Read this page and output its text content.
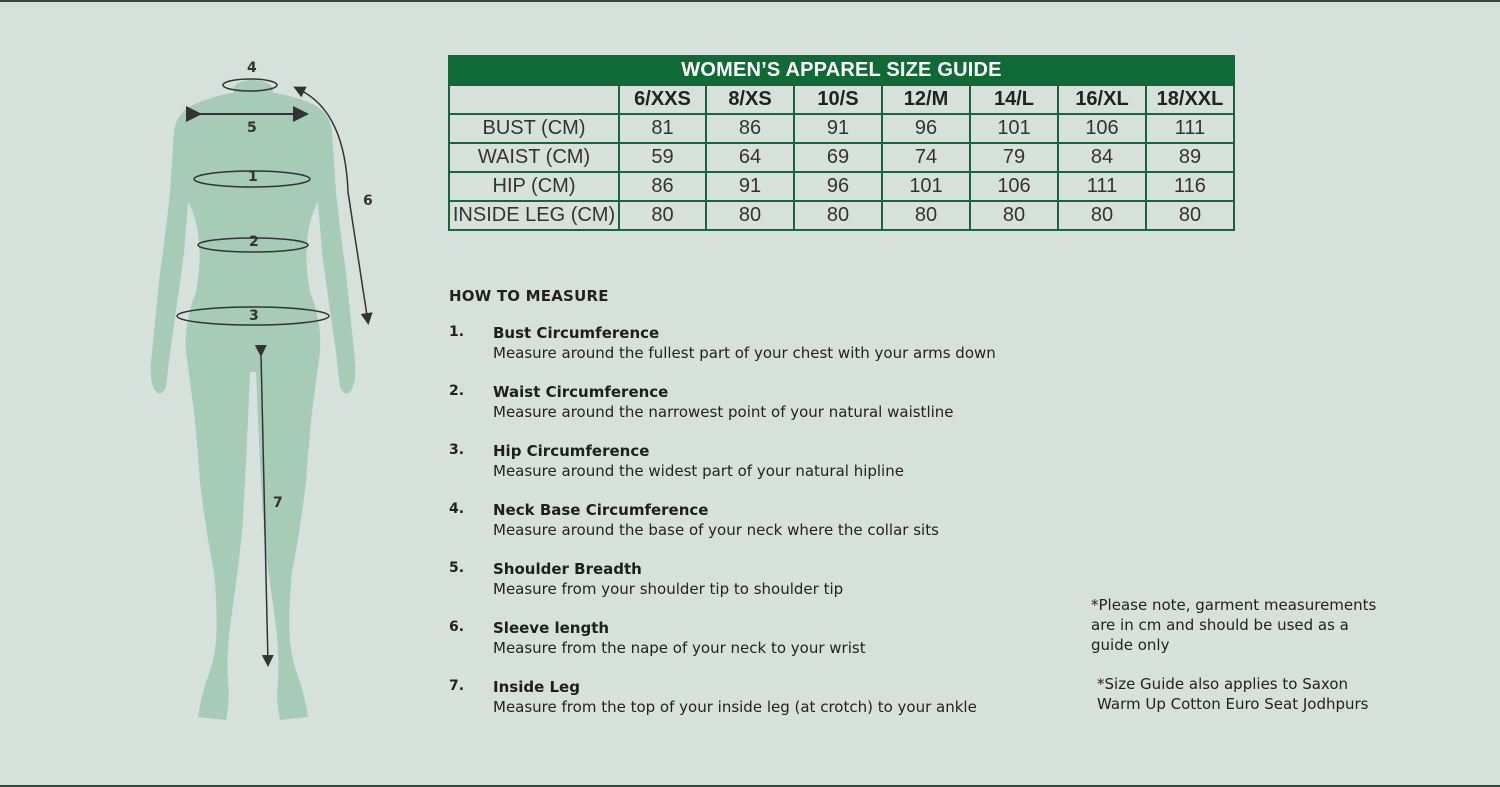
4
5
1
2
3
6
7
WOMEN’S APPAREL SIZE GUIDE							
	6/XXS	8/XS	10/S	12/M	14/L	16/XL	18/XXL
BUST (CM)	81	86	91	96	101	106	111
WAIST (CM)	59	64	69	74	79	84	89
HIP (CM)	86	91	96	101	106	111	116
INSIDE LEG (CM)	80	80	80	80	80	80	80
HOW TO MEASURE
1. Bust Circumference
Measure around the fullest part of your chest with your arms down
2. Waist Circumference
Measure around the narrowest point of your natural waistline
3. Hip Circumference
Measure around the widest part of your natural hipline
4. Neck Base Circumference
Measure around the base of your neck where the collar sits
5. Shoulder Breadth
Measure from your shoulder tip to shoulder tip
6. Sleeve length
Measure from the nape of your neck to your wrist
7. Inside Leg
Measure from the top of your inside leg (at crotch) to your ankle
*Please note, garment measurements
are in cm and should be used as a
guide only
*Size Guide also applies to Saxon
Warm Up Cotton Euro Seat Jodhpurs
